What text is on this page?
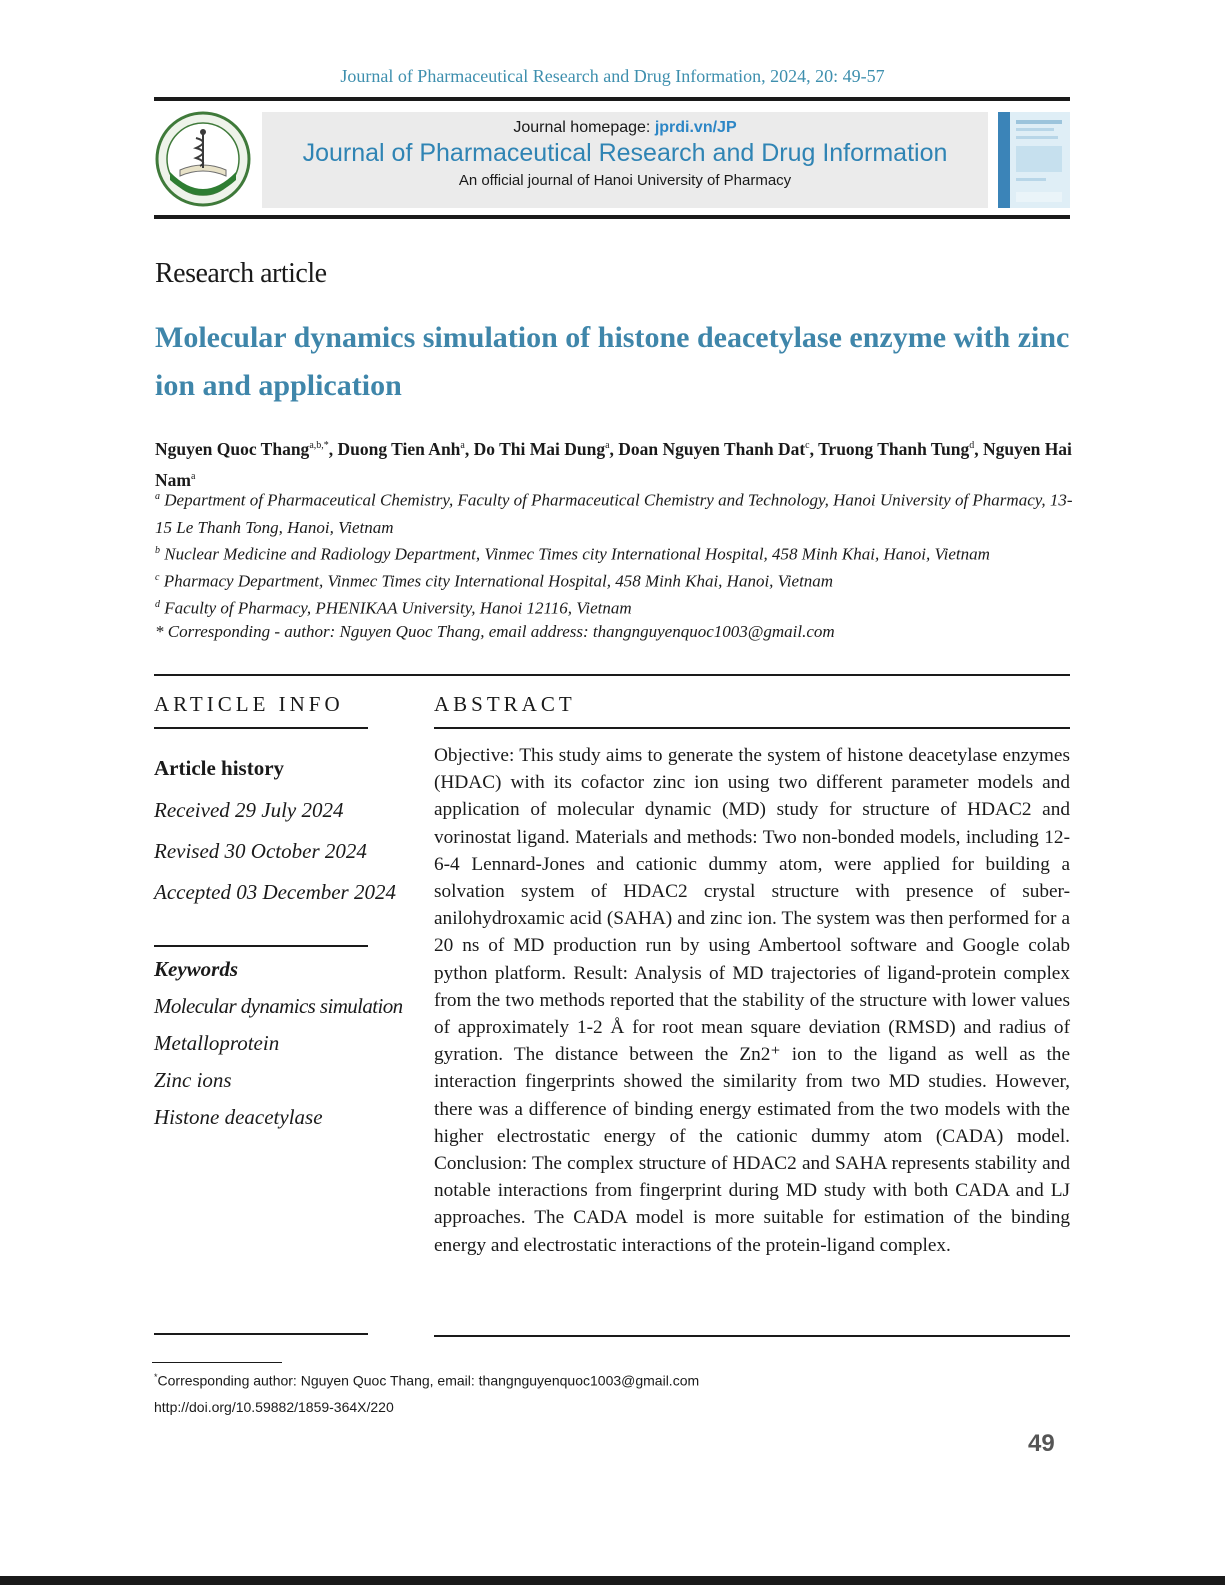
Journal of Pharmaceutical Research and Drug Information, 2024, 20: 49-57
Journal homepage: jprdi.vn/JP
Journal of Pharmaceutical Research and Drug Information
An official journal of Hanoi University of Pharmacy
Research article
Molecular dynamics simulation of histone deacetylase enzyme with zinc ion and application
Nguyen Quoc Thang$^{a,b,*}$, Duong Tien Anh$^a$, Do Thi Mai Dung$^a$, Doan Nguyen Thanh Dat$^c$, Truong Thanh Tung$^d$, Nguyen Hai Nam$^a$
$^a$ Department of Pharmaceutical Chemistry, Faculty of Pharmaceutical Chemistry and Technology, Hanoi University of Pharmacy, 13-15 Le Thanh Tong, Hanoi, Vietnam
$^b$ Nuclear Medicine and Radiology Department, Vinmec Times city International Hospital, 458 Minh Khai, Hanoi, Vietnam
$^c$ Pharmacy Department, Vinmec Times city International Hospital, 458 Minh Khai, Hanoi, Vietnam
$^d$ Faculty of Pharmacy, PHENIKAA University, Hanoi 12116, Vietnam
* Corresponding - author: Nguyen Quoc Thang, email address: thangnguyenquoc1003@gmail.com
ARTICLE INFO
Article history
Received 29 July 2024
Revised 30 October 2024
Accepted 03 December 2024
Keywords
Molecular dynamics simulation
Metalloprotein
Zinc ions
Histone deacetylase
ABSTRACT
Objective: This study aims to generate the system of histone deacetylase enzymes (HDAC) with its cofactor zinc ion using two different parameter models and application of molecular dynamic (MD) study for structure of HDAC2 and vorinostat ligand. Materials and methods: Two non-bonded models, including 12-6-4 Lennard-Jones and cationic dummy atom, were applied for building a solvation system of HDAC2 crystal structure with presence of suber- anilohydroxamic acid (SAHA) and zinc ion. The system was then performed for a 20 ns of MD production run by using Ambertool software and Google colab python platform. Result: Analysis of MD trajectories of ligand-protein complex from the two methods reported that the stability of the structure with lower values of approximately 1-2 Å for root mean square deviation (RMSD) and radius of gyration. The distance between the Zn2⁺ ion to the ligand as well as the interaction fingerprints showed the similarity from two MD studies. However, there was a difference of binding energy estimated from the two models with the higher electrostatic energy of the cationic dummy atom (CADA) model. Conclusion: The complex structure of HDAC2 and SAHA represents stability and notable interactions from fingerprint during MD study with both CADA and LJ approaches. The CADA model is more suitable for estimation of the binding energy and electrostatic interactions of the protein-ligand complex.
*Corresponding author: Nguyen Quoc Thang, email: thangnguyenquoc1003@gmail.com
http://doi.org/10.59882/1859-364X/220
49
